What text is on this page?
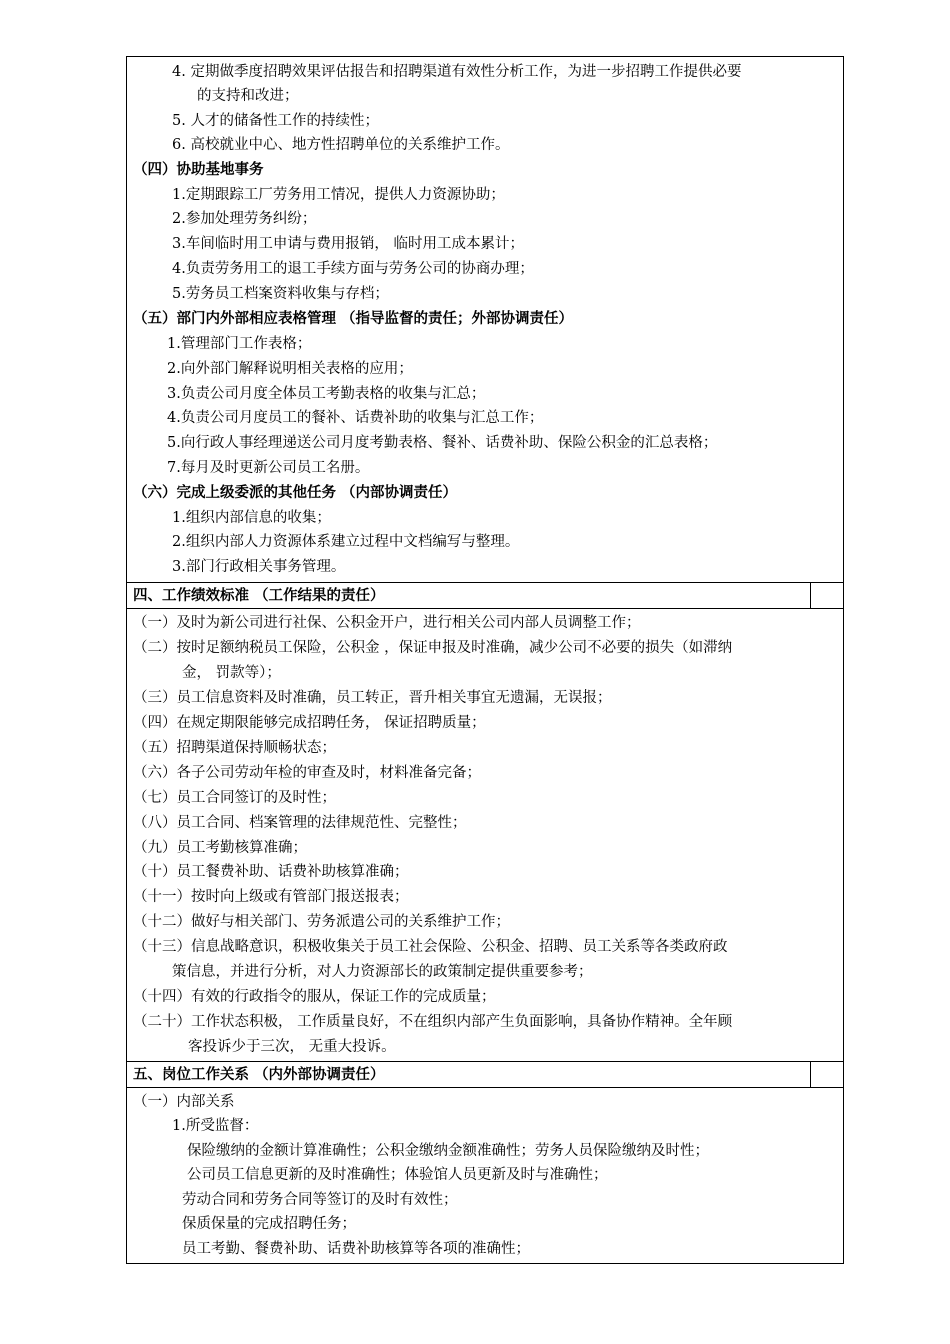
4. 定期做季度招聘效果评估报告和招聘渠道有效性分析工作，为进一步招聘工作提供必要
的支持和改进；
5. 人才的储备性工作的持续性；
6. 高校就业中心、地方性招聘单位的关系维护工作。
（四）协助基地事务
1.定期跟踪工厂劳务用工情况，提供人力资源协助；
2.参加处理劳务纠纷；
3.车间临时用工申请与费用报销， 临时用工成本累计；
4.负责劳务用工的退工手续方面与劳务公司的协商办理；
5.劳务员工档案资料收集与存档；
（五）部门内外部相应表格管理 （指导监督的责任；外部协调责任）
1.管理部门工作表格；
2.向外部门解释说明相关表格的应用；
3.负责公司月度全体员工考勤表格的收集与汇总；
4.负责公司月度员工的餐补、话费补助的收集与汇总工作；
5.向行政人事经理递送公司月度考勤表格、餐补、话费补助、保险公积金的汇总表格；
7.每月及时更新公司员工名册。
（六）完成上级委派的其他任务 （内部协调责任）
1.组织内部信息的收集；
2.组织内部人力资源体系建立过程中文档编写与整理。
3.部门行政相关事务管理。
四、工作绩效标准 （工作结果的责任）
（一）及时为新公司进行社保、公积金开户，进行相关公司内部人员调整工作；
（二）按时足额纳税员工保险，公积金 ，保证申报及时准确，减少公司不必要的损失（如滞纳
金， 罚款等）；
（三）员工信息资料及时准确，员工转正，晋升相关事宜无遗漏，无误报；
（四）在规定期限能够完成招聘任务， 保证招聘质量；
（五）招聘渠道保持顺畅状态；
（六）各子公司劳动年检的审查及时，材料准备完备；
（七）员工合同签订的及时性；
（八）员工合同、档案管理的法律规范性、完整性；
（九）员工考勤核算准确；
（十）员工餐费补助、话费补助核算准确；
（十一）按时向上级或有管部门报送报表；
（十二）做好与相关部门、劳务派遣公司的关系维护工作；
（十三）信息战略意识，积极收集关于员工社会保险、公积金、招聘、员工关系等各类政府政
策信息，并进行分析，对人力资源部长的政策制定提供重要参考；
（十四）有效的行政指令的服从，保证工作的完成质量；
（二十）工作状态积极， 工作质量良好，不在组织内部产生负面影响，具备协作精神。全年顾
客投诉少于三次， 无重大投诉。
五、岗位工作关系 （内外部协调责任）
（一）内部关系
1.所受监督：
保险缴纳的金额计算准确性；公积金缴纳金额准确性；劳务人员保险缴纳及时性；
公司员工信息更新的及时准确性；体验馆人员更新及时与准确性；
劳动合同和劳务合同等签订的及时有效性；
保质保量的完成招聘任务；
员工考勤、餐费补助、话费补助核算等各项的准确性；
